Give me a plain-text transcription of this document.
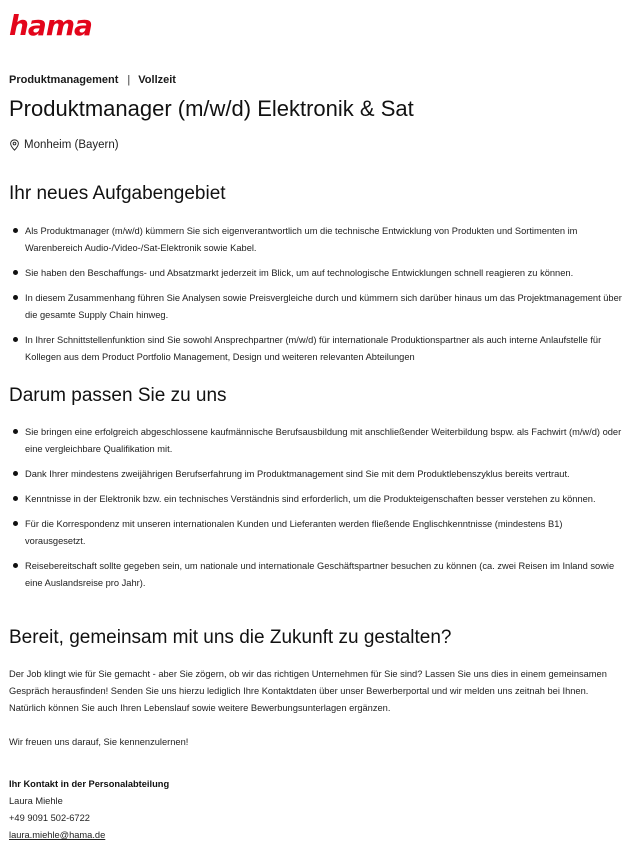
hama
Produktmanagement | Vollzeit
Produktmanager (m/w/d) Elektronik & Sat
Monheim (Bayern)
Ihr neues Aufgabengebiet
Als Produktmanager (m/w/d) kümmern Sie sich eigenverantwortlich um die technische Entwicklung von Produkten und Sortimenten im Warenbereich Audio-/Video-/Sat-Elektronik sowie Kabel.
Sie haben den Beschaffungs- und Absatzmarkt jederzeit im Blick, um auf technologische Entwicklungen schnell reagieren zu können.
In diesem Zusammenhang führen Sie Analysen sowie Preisvergleiche durch und kümmern sich darüber hinaus um das Projektmanagement über die gesamte Supply Chain hinweg.
In Ihrer Schnittstellenfunktion sind Sie sowohl Ansprechpartner (m/w/d) für internationale Produktionspartner als auch interne Anlaufstelle für Kollegen aus dem Product Portfolio Management, Design und weiteren relevanten Abteilungen
Darum passen Sie zu uns
Sie bringen eine erfolgreich abgeschlossene kaufmännische Berufsausbildung mit anschließender Weiterbildung bspw. als Fachwirt (m/w/d) oder eine vergleichbare Qualifikation mit.
Dank Ihrer mindestens zweijährigen Berufserfahrung im Produktmanagement sind Sie mit dem Produktlebenszyklus bereits vertraut.
Kenntnisse in der Elektronik bzw. ein technisches Verständnis sind erforderlich, um die Produkteigenschaften besser verstehen zu können.
Für die Korrespondenz mit unseren internationalen Kunden und Lieferanten werden fließende Englischkenntnisse (mindestens B1) vorausgesetzt.
Reisebereitschaft sollte gegeben sein, um nationale und internationale Geschäftspartner besuchen zu können (ca. zwei Reisen im Inland sowie eine Auslandsreise pro Jahr).
Bereit, gemeinsam mit uns die Zukunft zu gestalten?

Der Job klingt wie für Sie gemacht - aber Sie zögern, ob wir das richtigen Unternehmen für Sie sind? Lassen Sie uns dies in einem gemeinsamen Gespräch herausfinden! Senden Sie uns hierzu lediglich Ihre Kontaktdaten über unser Bewerberportal und wir melden uns zeitnah bei Ihnen. Natürlich können Sie auch Ihren Lebenslauf sowie weitere Bewerbungsunterlagen ergänzen.

Wir freuen uns darauf, Sie kennenzulernen!

Ihr Kontakt in der Personalabteilung
Laura Miehle
+49 9091 502-6722
laura.miehle@hama.de
